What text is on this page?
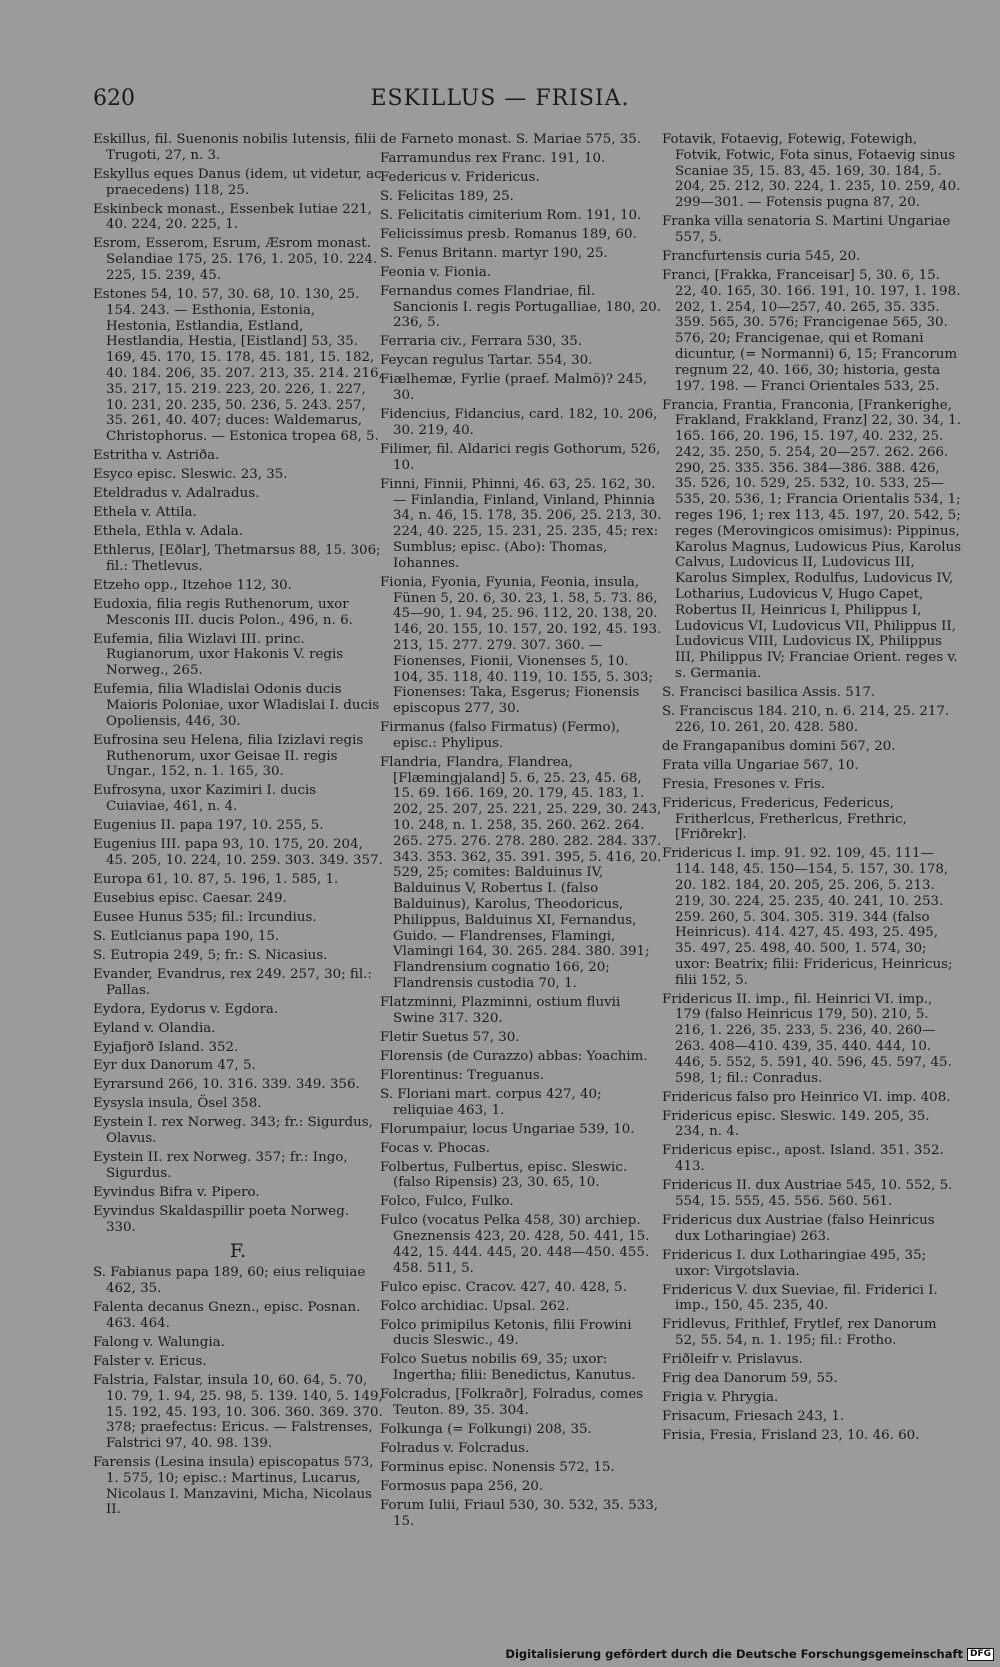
620	ESKILLUS — FRISIA.
Eskillus, fil. Suenonis nobilis Iutensis, filii Trugoti, 27, n. 3.
Eskyllus eques Danus (idem, ut videtur, ac praecedens) 118, 25.
Eskinbeck monast., Essenbek Iutiae 221, 40. 224, 20. 225, 1.
Esrom, Esserom, Esrum, Æsrom monast. Selandiae 175, 25. 176, 1. 205, 10. 224. 225, 15. 239, 45.
Estones 54, 10. 57, 30. 68, 10. 130, 25. 154. 243. — Esthonia, Estonia, Hestonia, Estlandia, Estland, Hestlandia, Hestia, [Eistland] 53, 35. 169, 45. 170, 15. 178, 45. 181, 15. 182, 40. 184. 206, 35. 207. 213, 35. 214. 216, 35. 217, 15. 219. 223, 20. 226, 1. 227, 10. 231, 20. 235, 50. 236, 5. 243. 257, 35. 261, 40. 407; duces: Waldemarus, Christophorus. — Estonica tropea 68, 5.
Estritha v. Astriða.
Esyco episc. Sleswic. 23, 35.
Eteldradus v. Adalradus.
Ethela v. Attila.
Ethela, Ethla v. Adala.
Ethlerus, [Eðlar], Thetmarsus 88, 15. 306; fil.: Thetlevus.
Etzeho opp., Itzehoe 112, 30.
Eudoxia, filia regis Ruthenorum, uxor Mesconis III. ducis Polon., 496, n. 6.
Eufemia, filia Wizlavi III. princ. Rugianorum, uxor Hakonis V. regis Norweg., 265.
Eufemia, filia Wladislai Odonis ducis Maioris Poloniae, uxor Wladislai I. ducis Opoliensis, 446, 30.
Eufrosina seu Helena, filia Izizlavi regis Ruthenorum, uxor Geisae II. regis Ungar., 152, n. 1. 165, 30.
Eufrosyna, uxor Kazimiri I. ducis Cuiaviae, 461, n. 4.
Eugenius II. papa 197, 10. 255, 5.
Eugenius III. papa 93, 10. 175, 20. 204, 45. 205, 10. 224, 10. 259. 303. 349. 357.
Europa 61, 10. 87, 5. 196, 1. 585, 1.
Eusebius episc. Caesar. 249.
Eusee Hunus 535; fil.: Ircundius.
S. Eutlcianus papa 190, 15.
S. Eutropia 249, 5; fr.: S. Nicasius.
Evander, Evandrus, rex 249. 257, 30; fil.: Pallas.
Eydora, Eydorus v. Egdora.
Eyland v. Olandia.
Eyjafjorð Island. 352.
Eyr dux Danorum 47, 5.
Eyrarsund 266, 10. 316. 339. 349. 356.
Eysysla insula, Ösel 358.
Eystein I. rex Norweg. 343; fr.: Sigurdus, Olavus.
Eystein II. rex Norweg. 357; fr.: Ingo, Sigurdus.
Eyvindus Bifra v. Pipero.
Eyvindus Skaldaspillir poeta Norweg. 330.
F.
S. Fabianus papa 189, 60; eius reliquiae 462, 35.
Falenta decanus Gnezn., episc. Posnan. 463. 464.
Falong v. Walungia.
Falster v. Ericus.
Falstria, Falstar, insula 10, 60. 64, 5. 70, 10. 79, 1. 94, 25. 98, 5. 139. 140, 5. 149, 15. 192, 45. 193, 10. 306. 360. 369. 370. 378; praefectus: Ericus. — Falstrenses, Falstrici 97, 40. 98. 139.
Farensis (Lesina insula) episcopatus 573, 1. 575, 10; episc.: Martinus, Lucarus, Nicolaus I. Manzavini, Micha, Nicolaus II.
de Farneto monast. S. Mariae 575, 35.
Farramundus rex Franc. 191, 10.
Federicus v. Fridericus.
S. Felicitas 189, 25.
S. Felicitatis cimiterium Rom. 191, 10.
Felicissimus presb. Romanus 189, 60.
S. Fenus Britann. martyr 190, 25.
Feonia v. Fionia.
Fernandus comes Flandriae, fil. Sancionis I. regis Portugalliae, 180, 20. 236, 5.
Ferraria civ., Ferrara 530, 35.
Feycan regulus Tartar. 554, 30.
Fiælhemæ, Fyrlie (praef. Malmö)? 245, 30.
Fidencius, Fidancius, card. 182, 10. 206, 30. 219, 40.
Filimer, fil. Aldarici regis Gothorum, 526, 10.
Finni, Finnii, Phinni, 46. 63, 25. 162, 30. — Finlandia, Finland, Vinland, Phinnia 34, n. 46, 15. 178, 35. 206, 25. 213, 30. 224, 40. 225, 15. 231, 25. 235, 45; rex: Sumblus; episc. (Abo): Thomas, Iohannes.
Fionia, Fyonia, Fyunia, Feonia, insula, Fünen 5, 20. 6, 30. 23, 1. 58, 5. 73. 86, 45—90, 1. 94, 25. 96. 112, 20. 138, 20. 146, 20. 155, 10. 157, 20. 192, 45. 193. 213, 15. 277. 279. 307. 360. — Fionenses, Fionii, Vionenses 5, 10. 104, 35. 118, 40. 119, 10. 155, 5. 303; Fionenses: Taka, Esgerus; Fionensis episcopus 277, 30.
Firmanus (falso Firmatus) (Fermo), episc.: Phylipus.
Flandria, Flandra, Flandrea, [Flæmingjaland] 5. 6, 25. 23, 45. 68, 15. 69. 166. 169, 20. 179, 45. 183, 1. 202, 25. 207, 25. 221, 25. 229, 30. 243, 10. 248, n. 1. 258, 35. 260. 262. 264. 265. 275. 276. 278. 280. 282. 284. 337. 343. 353. 362, 35. 391. 395, 5. 416, 20. 529, 25; comites: Balduinus IV, Balduinus V, Robertus I. (falso Balduinus), Karolus, Theodoricus, Philippus, Balduinus XI, Fernandus, Guido. — Flandrenses, Flamingi, Vlamingi 164, 30. 265. 284. 380. 391; Flandrensium cognatio 166, 20; Flandrensis custodia 70, 1.
Flatzminni, Plazminni, ostium fluvii Swine 317. 320.
Fletir Suetus 57, 30.
Florensis (de Curazzo) abbas: Yoachim.
Florentinus: Treguanus.
S. Floriani mart. corpus 427, 40; reliquiae 463, 1.
Florumpaiur, locus Ungariae 539, 10.
Focas v. Phocas.
Folbertus, Fulbertus, episc. Sleswic. (falso Ripensis) 23, 30. 65, 10.
Folco, Fulco, Fulko.
Fulco (vocatus Pelka 458, 30) archiep. Gneznensis 423, 20. 428, 50. 441, 15. 442, 15. 444. 445, 20. 448—450. 455. 458. 511, 5.
Fulco episc. Cracov. 427, 40. 428, 5.
Folco archidiac. Upsal. 262.
Folco primipilus Ketonis, filii Frowini ducis Sleswic., 49.
Folco Suetus nobilis 69, 35; uxor: Ingertha; filii: Benedictus, Kanutus.
Folcradus, [Folkraðr], Folradus, comes Teuton. 89, 35. 304.
Folkunga (= Folkungi) 208, 35.
Folradus v. Folcradus.
Forminus episc. Nonensis 572, 15.
Formosus papa 256, 20.
Forum Iulii, Friaul 530, 30. 532, 35. 533, 15.
Fotavik, Fotaevig, Fotewig, Fotewigh, Fotvik, Fotwic, Fota sinus, Fotaevig sinus Scaniae 35, 15. 83, 45. 169, 30. 184, 5. 204, 25. 212, 30. 224, 1. 235, 10. 259, 40. 299—301. — Fotensis pugna 87, 20.
Franka villa senatoria S. Martini Ungariae 557, 5.
Francfurtensis curia 545, 20.
Franci, [Frakka, Franceisar] 5, 30. 6, 15. 22, 40. 165, 30. 166. 191, 10. 197, 1. 198. 202, 1. 254, 10—257, 40. 265, 35. 335. 359. 565, 30. 576; Francigenae 565, 30. 576, 20; Francigenae, qui et Romani dicuntur, (= Normanni) 6, 15; Francorum regnum 22, 40. 166, 30; historia, gesta 197. 198. — Franci Orientales 533, 25.
Francia, Frantia, Franconia, [Frankerighe, Frakland, Frakkland, Franz] 22, 30. 34, 1. 165. 166, 20. 196, 15. 197, 40. 232, 25. 242, 35. 250, 5. 254, 20—257. 262. 266. 290, 25. 335. 356. 384—386. 388. 426, 35. 526, 10. 529, 25. 532, 10. 533, 25—535, 20. 536, 1; Francia Orientalis 534, 1; reges 196, 1; rex 113, 45. 197, 20. 542, 5; reges (Merovingicos omisimus): Pippinus, Karolus Magnus, Ludowicus Pius, Karolus Calvus, Ludovicus II, Ludovicus III, Karolus Simplex, Rodulfus, Ludovicus IV, Lotharius, Ludovicus V, Hugo Capet, Robertus II, Heinricus I, Philippus I, Ludovicus VI, Ludovicus VII, Philippus II, Ludovicus VIII, Ludovicus IX, Philippus III, Philippus IV; Franciae Orient. reges v. s. Germania.
S. Francisci basilica Assis. 517.
S. Franciscus 184. 210, n. 6. 214, 25. 217. 226, 10. 261, 20. 428. 580.
de Frangapanibus domini 567, 20.
Frata villa Ungariae 567, 10.
Fresia, Fresones v. Fris.
Fridericus, Fredericus, Federicus, Fritherlcus, Fretherlcus, Frethric, [Friðrekr].
Fridericus I. imp. 91. 92. 109, 45. 111—114. 148, 45. 150—154, 5. 157, 30. 178, 20. 182. 184, 20. 205, 25. 206, 5. 213. 219, 30. 224, 25. 235, 40. 241, 10. 253. 259. 260, 5. 304. 305. 319. 344 (falso Heinricus). 414. 427, 45. 493, 25. 495, 35. 497, 25. 498, 40. 500, 1. 574, 30; uxor: Beatrix; filii: Fridericus, Heinricus; filii 152, 5.
Fridericus II. imp., fil. Heinrici VI. imp., 179 (falso Heinricus 179, 50). 210, 5. 216, 1. 226, 35. 233, 5. 236, 40. 260—263. 408—410. 439, 35. 440. 444, 10. 446, 5. 552, 5. 591, 40. 596, 45. 597, 45. 598, 1; fil.: Conradus.
Fridericus falso pro Heinrico VI. imp. 408.
Fridericus episc. Sleswic. 149. 205, 35. 234, n. 4.
Fridericus episc., apost. Island. 351. 352. 413.
Fridericus II. dux Austriae 545, 10. 552, 5. 554, 15. 555, 45. 556. 560. 561.
Fridericus dux Austriae (falso Heinricus dux Lotharingiae) 263.
Fridericus I. dux Lotharingiae 495, 35; uxor: Virgotslavia.
Fridericus V. dux Sueviae, fil. Friderici I. imp., 150, 45. 235, 40.
Fridlevus, Frithlef, Frytlef, rex Danorum 52, 55. 54, n. 1. 195; fil.: Frotho.
Friðleifr v. Prislavus.
Frig dea Danorum 59, 55.
Frigia v. Phrygia.
Frisacum, Friesach 243, 1.
Frisia, Fresia, Frisland 23, 10. 46. 60.
Digitalisierung gefördert durch die Deutsche Forschungsgemeinschaft DFG
